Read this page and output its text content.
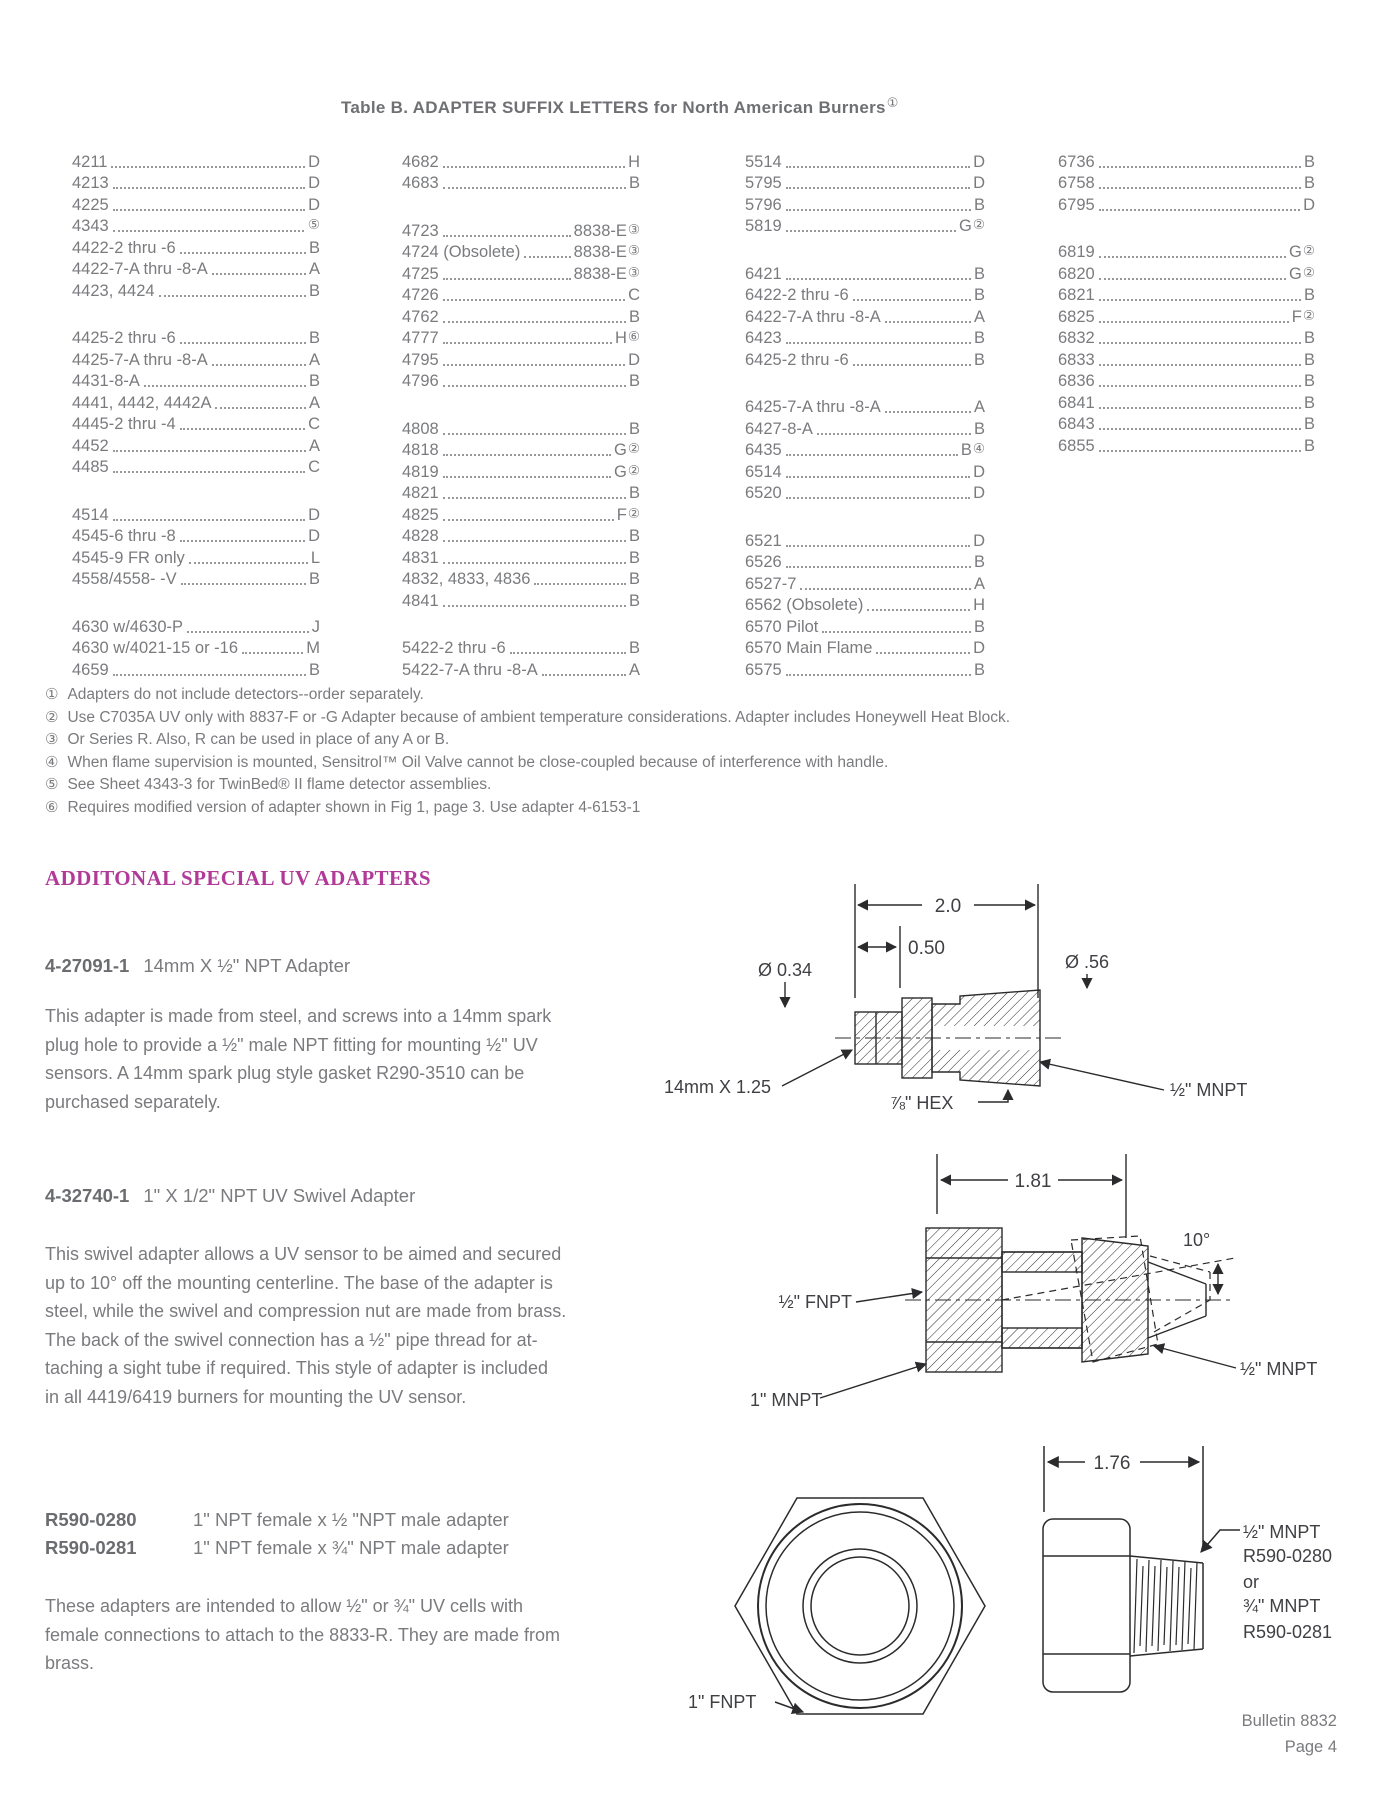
Table B. ADAPTER SUFFIX LETTERS for North American Burners①
4211	D
4213	D
4225	D
4343	⑤
4422-2 thru -6	B
4422-7-A thru -8-A	A
4423, 4424	B
4425-2 thru -6	B
4425-7-A thru -8-A	A
4431-8-A	B
4441, 4442, 4442A	A
4445-2 thru -4	C
4452	A
4485	C
4514	D
4545-6 thru -8	D
4545-9 FR only	L
4558/4558- -V	B
4630 w/4630-P	J
4630 w/4021-15 or -16	M
4659	B
4682	H
4683	B
4723	8838-E ③
4724 (Obsolete)	8838-E ③
4725	8838-E ③
4726	C
4762	B
4777	H ⑥
4795	D
4796	B
4808	B
4818	G ②
4819	G ②
4821	B
4825	F ②
4828	B
4831	B
4832, 4833, 4836	B
4841	B
5422-2 thru -6	B
5422-7-A thru -8-A	A
5514	D
5795	D
5796	B
5819	G ②
6421	B
6422-2 thru -6	B
6422-7-A thru -8-A	A
6423	B
6425-2 thru -6	B
6425-7-A thru -8-A	A
6427-8-A	B
6435	B ④
6514	D
6520	D
6521	D
6526	B
6527-7	A
6562 (Obsolete)	H
6570 Pilot	B
6570 Main Flame	D
6575	B
6736	B
6758	B
6795	D
6819	G ②
6820	G ②
6821	B
6825	F ②
6832	B
6833	B
6836	B
6841	B
6843	B
6855	B
① Adapters do not include detectors--order separately.
② Use C7035A UV only with 8837-F or -G Adapter because of ambient temperature considerations. Adapter includes Honeywell Heat Block.
③ Or Series R. Also, R can be used in place of any A or B.
④ When flame supervision is mounted, Sensitrol™ Oil Valve cannot be close-coupled because of interference with handle.
⑤ See Sheet 4343-3 for TwinBed® II flame detector assemblies.
⑥ Requires modified version of adapter shown in Fig 1, page 3. Use adapter 4-6153-1
ADDITONAL SPECIAL UV ADAPTERS
4-27091-1 14mm X ½" NPT Adapter
This adapter is made from steel, and screws into a 14mm spark
plug hole to provide a ½" male NPT fitting for mounting ½" UV
sensors. A 14mm spark plug style gasket R290-3510 can be
purchased separately.
4-32740-1 1" X 1/2" NPT UV Swivel Adapter
This swivel adapter allows a UV sensor to be aimed and secured
up to 10° off the mounting centerline. The base of the adapter is
steel, while the swivel and compression nut are made from brass.
The back of the swivel connection has a ½" pipe thread for at-
taching a sight tube if required. This style of adapter is included
in all 4419/6419 burners for mounting the UV sensor.
R590-0280	1" NPT female x ½ "NPT male adapter
R590-0281	1" NPT female x ¾" NPT male adapter
These adapters are intended to allow ½" or ¾" UV cells with
female connections to attach to the 8833-R. They are made from
brass.
2.0
0.50
Ø 0.34	Ø .56
14mm X 1.25
⅞" HEX
½" MNPT
1.81
10°
½" FNPT
1" MNPT
½" MNPT
1.76
1" FNPT
½" MNPT
R590-0280
or
¾" MNPT
R590-0281
Bulletin 8832
Page 4
